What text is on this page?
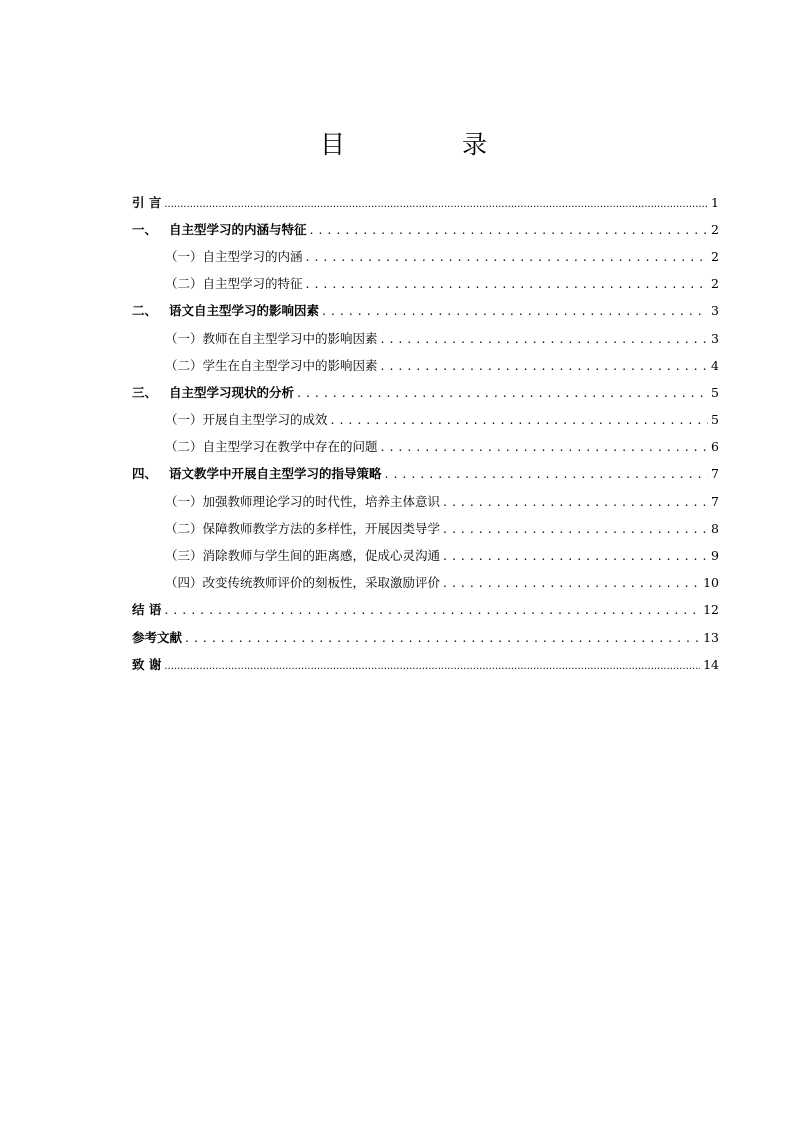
目　录
引 言 .....	1
一、 自主型学习的内涵与特征 . . .	2
（一）自主型学习的内涵 . . .	2
（二）自主型学习的特征 . . .	2
二、 语文自主型学习的影响因素 . . .	3
（一）教师在自主型学习中的影响因素 . . .	3
（二）学生在自主型学习中的影响因素 . . .	4
三、 自主型学习现状的分析 . . .	5
（一）开展自主型学习的成效 . . .	5
（二）自主型学习在教学中存在的问题 . . .	6
四、 语文教学中开展自主型学习的指导策略 . . .	7
（一）加强教师理论学习的时代性，培养主体意识 . . .	7
（二）保障教师教学方法的多样性，开展因类导学 . . .	8
（三）消除教师与学生间的距离感，促成心灵沟通 . . .	9
（四）改变传统教师评价的刻板性，采取激励评价 . . .	10
结 语 . . .	12
参考文献 . . .	13
致 谢 .....	14
